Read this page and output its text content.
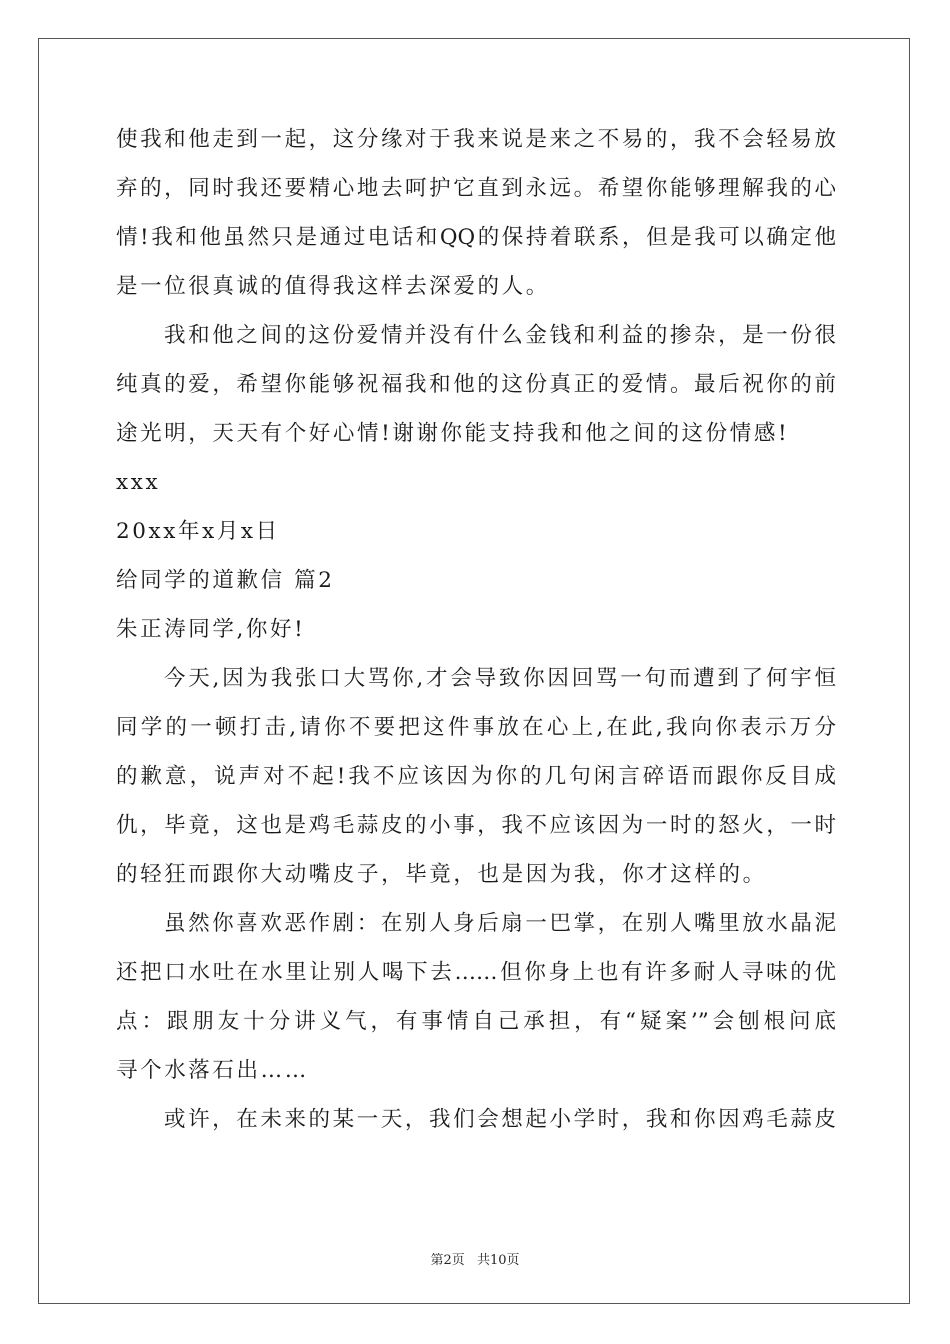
使我和他走到一起，这分缘对于我来说是来之不易的，我不会轻易放
弃的，同时我还要精心地去呵护它直到永远。希望你能够理解我的心
情!我和他虽然只是通过电话和QQ的保持着联系，但是我可以确定他
是一位很真诚的值得我这样去深爱的人。
我和他之间的这份爱情并没有什么金钱和利益的掺杂，是一份很
纯真的爱，希望你能够祝福我和他的这份真正的爱情。最后祝你的前
途光明，天天有个好心情!谢谢你能支持我和他之间的这份情感!
xxx
20xx年x月x日
给同学的道歉信 篇2
朱正涛同学,你好!
今天,因为我张口大骂你,才会导致你因回骂一句而遭到了何宇恒
同学的一顿打击,请你不要把这件事放在心上,在此,我向你表示万分
的歉意，说声对不起!我不应该因为你的几句闲言碎语而跟你反目成
仇，毕竟，这也是鸡毛蒜皮的小事，我不应该因为一时的怒火，一时
的轻狂而跟你大动嘴皮子，毕竟，也是因为我，你才这样的。
虽然你喜欢恶作剧：在别人身后扇一巴掌，在别人嘴里放水晶泥
还把口水吐在水里让别人喝下去……但你身上也有许多耐人寻味的优
点：跟朋友十分讲义气，有事情自己承担，有“疑案’”会刨根问底
寻个水落石出……
或许，在未来的某一天，我们会想起小学时，我和你因鸡毛蒜皮
第2页 共10页
